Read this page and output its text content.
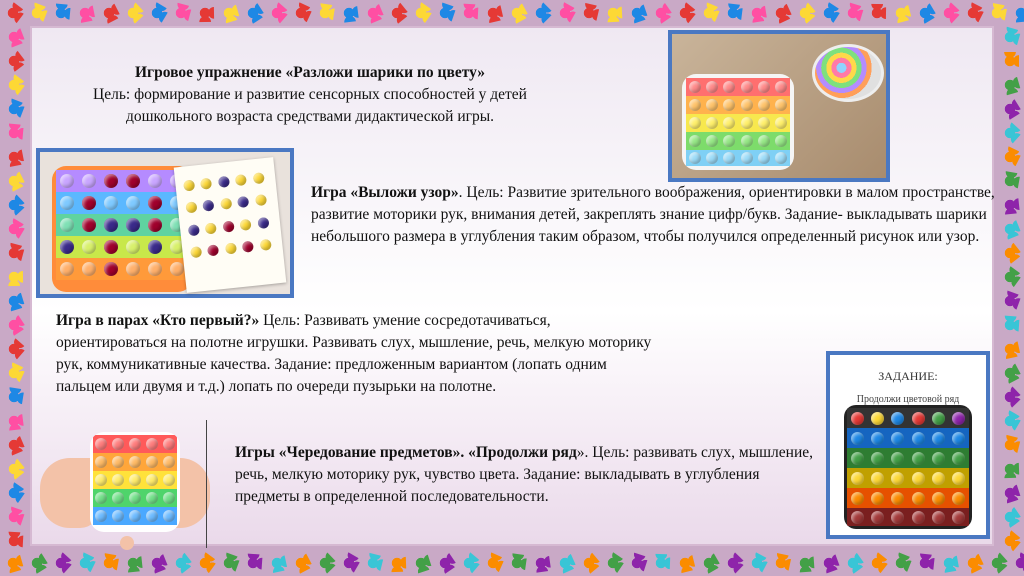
Игровое упражнение «Разложи шарики по цвету»
Цель: формирование и развитие сенсорных способностей у детей дошкольного возраста средствами дидактической игры.
Игра «Выложи узор». Цель: Развитие зрительного воображения, ориентировки в малом пространстве, развитие моторики рук, внимания детей, закреплять знание цифр/букв. Задание- выкладывать шарики небольшого размера в углубления таким образом, чтобы получился определенный рисунок или узор.
Игра в парах «Кто первый?» Цель: Развивать умение сосредотачиваться, ориентироваться на полотне игрушки. Развивать слух, мышление, речь, мелкую моторику рук, коммуникативные качества. Задание: предложенным вариантом (лопать одним пальцем или двумя и т.д.) лопать по очереди пузырьки на полотне.
Игры «Чередование предметов». «Продолжи ряд». Цель: развивать слух, мышление, речь, мелкую моторику рук, чувство цвета. Задание: выкладывать в углубления предметы в определенной последовательности.
ЗАДАНИЕ:
Продолжи цветовой ряд
